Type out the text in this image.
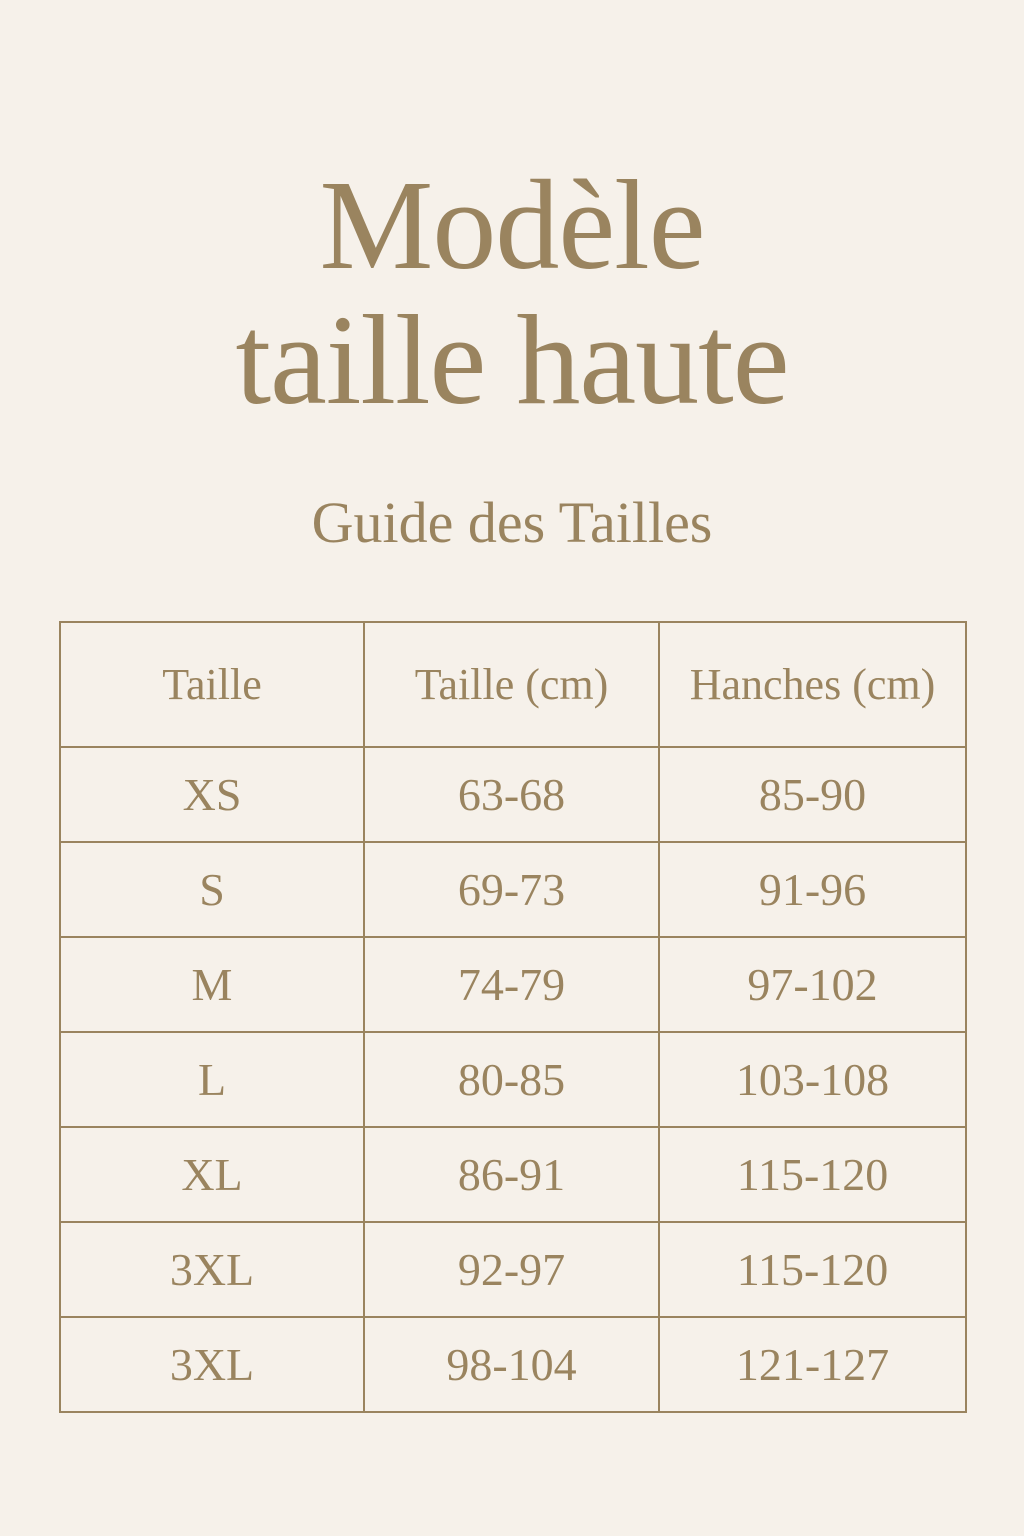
Modèle
taille haute
Guide des Tailles
Taille	Taille (cm)	Hanches (cm)
XS	63-68	85-90
S	69-73	91-96
M	74-79	97-102
L	80-85	103-108
XL	86-91	115-120
3XL	92-97	115-120
3XL	98-104	121-127
